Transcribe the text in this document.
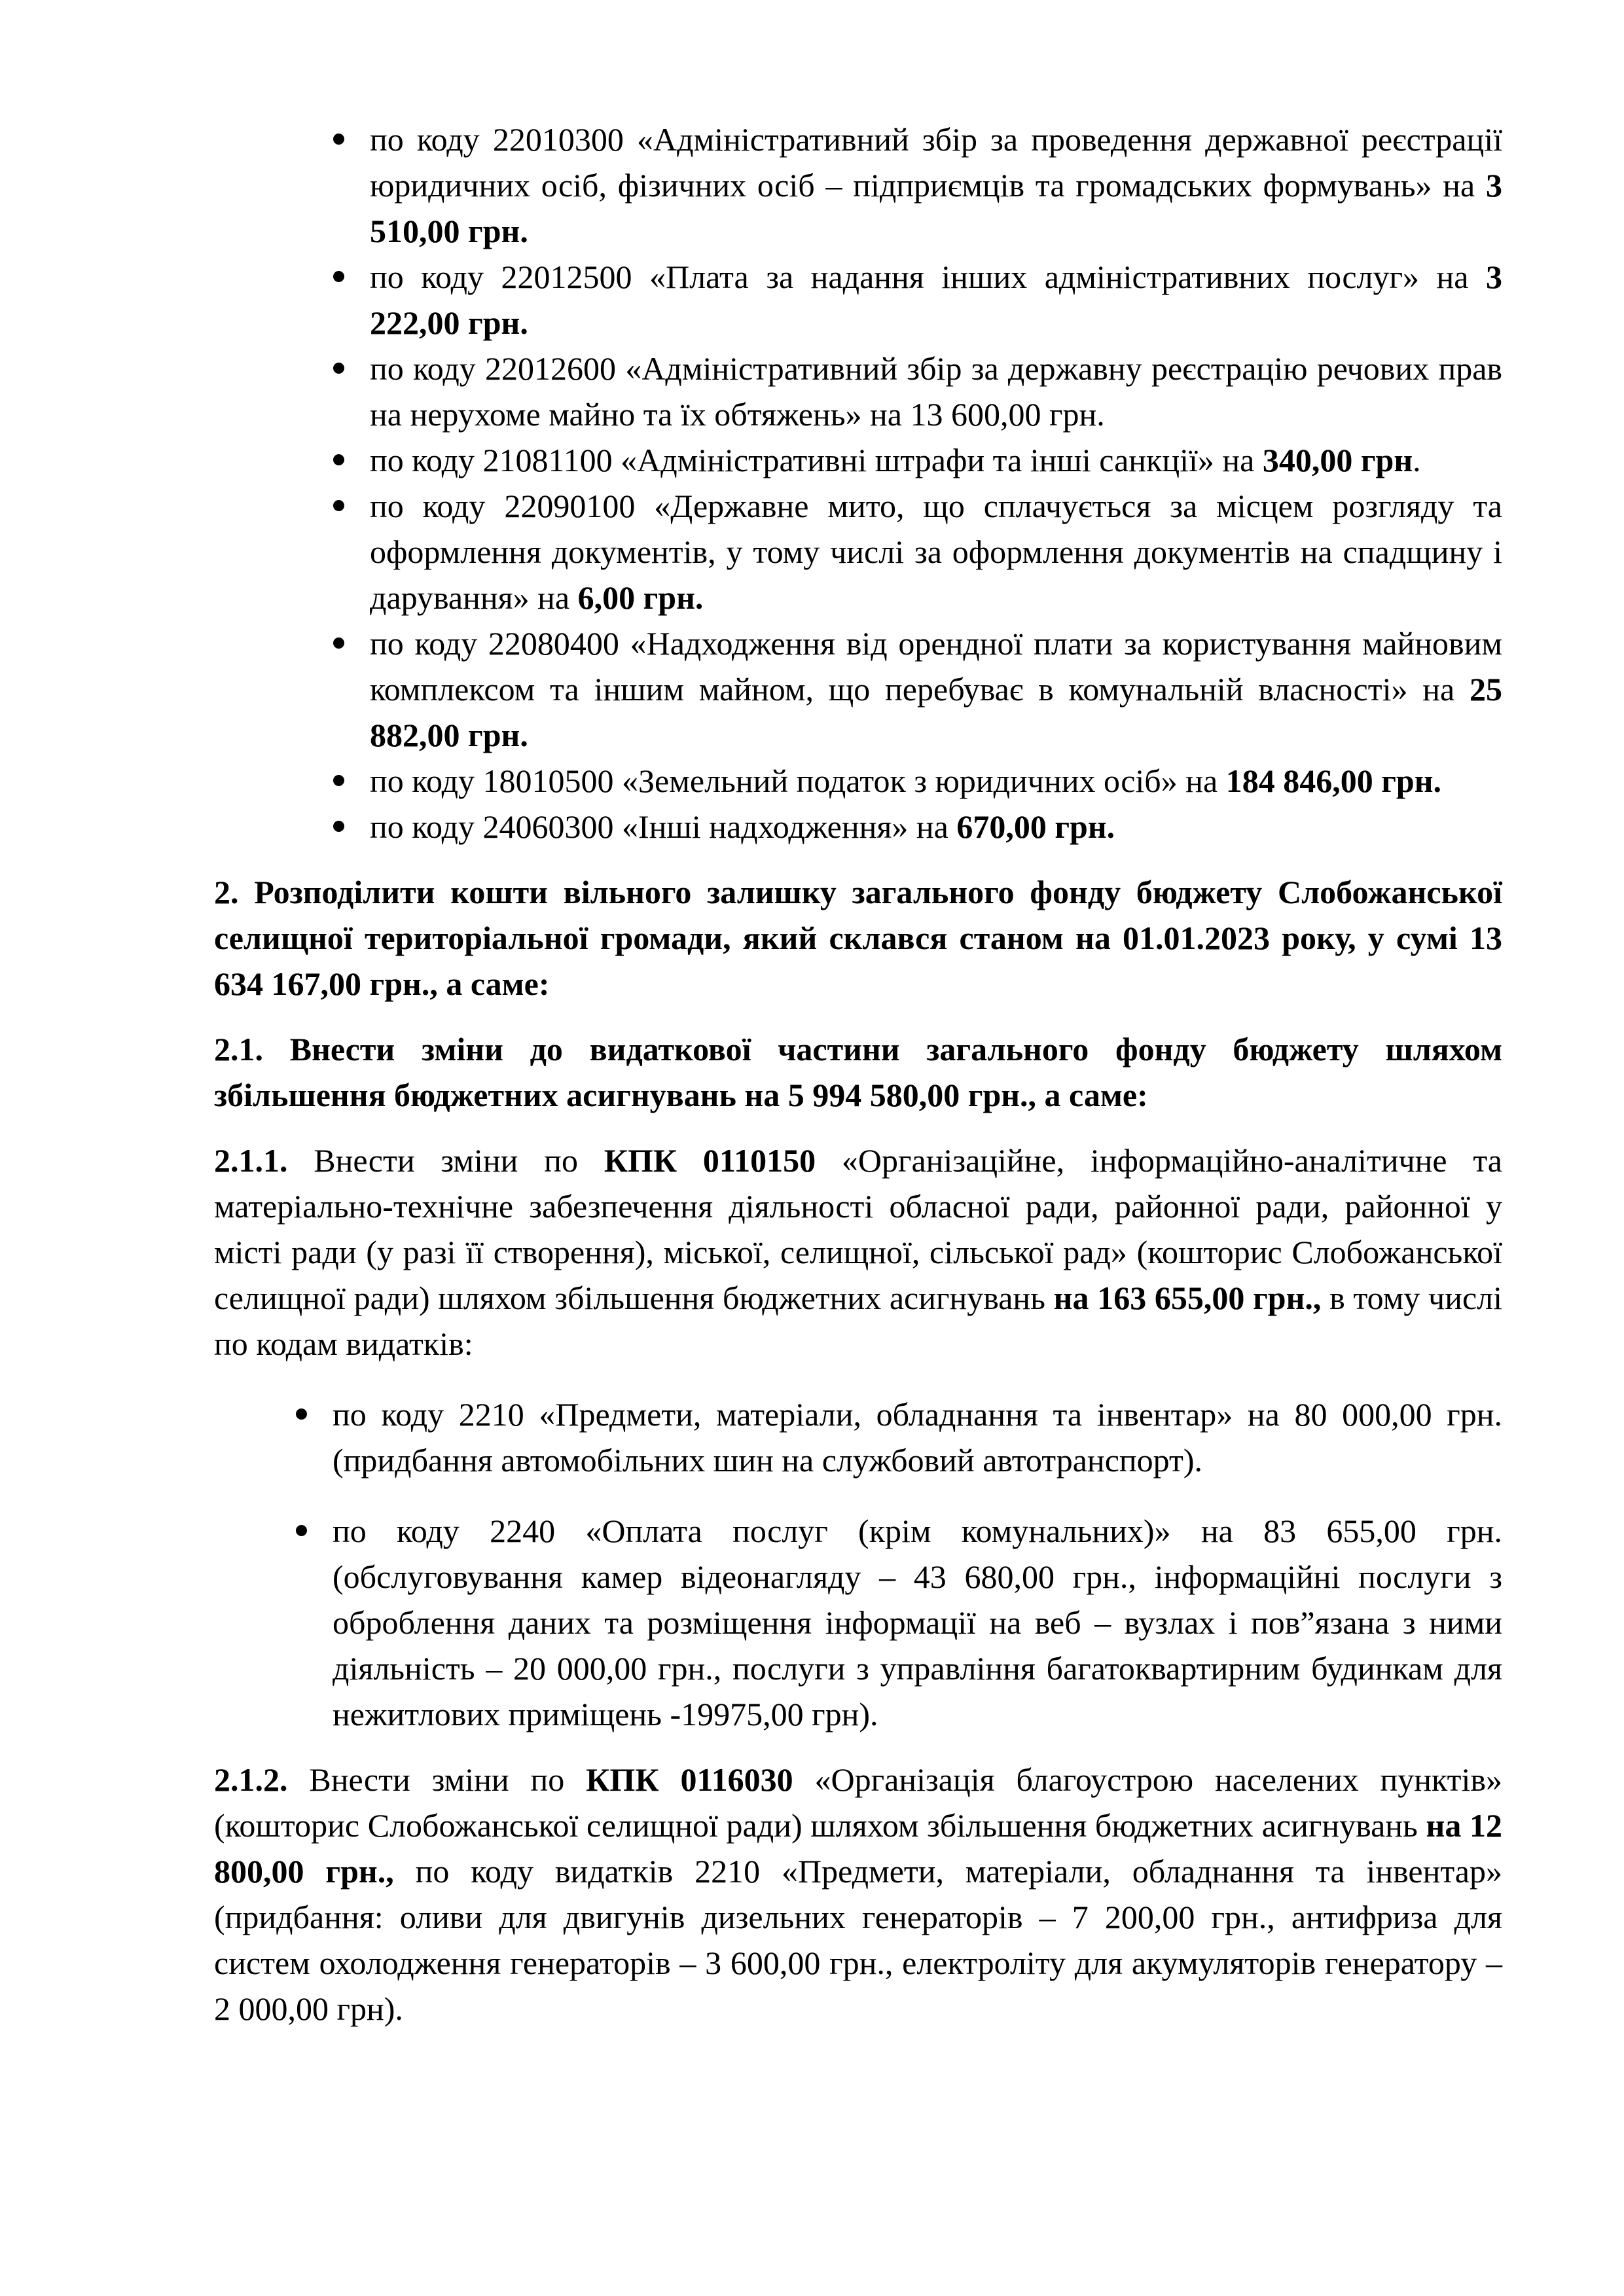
по коду 22010300 «Адміністративний збір за проведення державної реєстрації юридичних осіб, фізичних осіб – підприємців та громадських формувань» на 3 510,00 грн.
по коду 22012500 «Плата за надання інших адміністративних послуг» на 3 222,00 грн.
по коду 22012600 «Адміністративний збір за державну реєстрацію речових прав на нерухоме майно та їх обтяжень» на 13 600,00 грн.
по коду 21081100 «Адміністративні штрафи та інші санкції» на 340,00 грн.
по коду 22090100 «Державне мито, що сплачується за місцем розгляду та оформлення документів, у тому числі за оформлення документів на спадщину і дарування» на 6,00 грн.
по коду 22080400 «Надходження від орендної плати за користування майновим комплексом та іншим майном, що перебуває в комунальній власності» на 25 882,00 грн.
по коду 18010500 «Земельний податок з юридичних осіб» на 184 846,00 грн.
по коду 24060300 «Інші надходження» на 670,00 грн.

2. Розподілити кошти вільного залишку загального фонду бюджету Слобожанської селищної територіальної громади, який склався станом на 01.01.2023 року, у сумі 13 634 167,00 грн., а саме:

2.1. Внести зміни до видаткової частини загального фонду бюджету шляхом збільшення бюджетних асигнувань на 5 994 580,00 грн., а саме:

2.1.1. Внести зміни по КПК 0110150 «Організаційне, інформаційно-аналітичне та матеріально-технічне забезпечення діяльності обласної ради, районної ради, районної у місті ради (у разі її створення), міської, селищної, сільської рад» (кошторис Слобожанської селищної ради) шляхом збільшення бюджетних асигнувань на 163 655,00 грн., в тому числі по кодам видатків:

по коду 2210 «Предмети, матеріали, обладнання та інвентар» на 80 000,00 грн. (придбання автомобільних шин на службовий автотранспорт).
по коду 2240 «Оплата послуг (крім комунальних)» на 83 655,00 грн.(обслуговування камер відеонагляду – 43 680,00 грн., інформаційні послуги з оброблення даних та розміщення інформації на веб – вузлах і пов”язана з ними діяльність – 20 000,00 грн., послуги з управління багатоквартирним будинкам для нежитлових приміщень -19975,00 грн).

2.1.2. Внести зміни по КПК 0116030 «Організація благоустрою населених пунктів» (кошторис Слобожанської селищної ради) шляхом збільшення бюджетних асигнувань на 12 800,00 грн., по коду видатків 2210 «Предмети, матеріали, обладнання та інвентар» (придбання: оливи для двигунів дизельних генераторів – 7 200,00 грн., антифриза для систем охолодження генераторів – 3 600,00 грн., електроліту для акумуляторів генератору – 2 000,00 грн).
